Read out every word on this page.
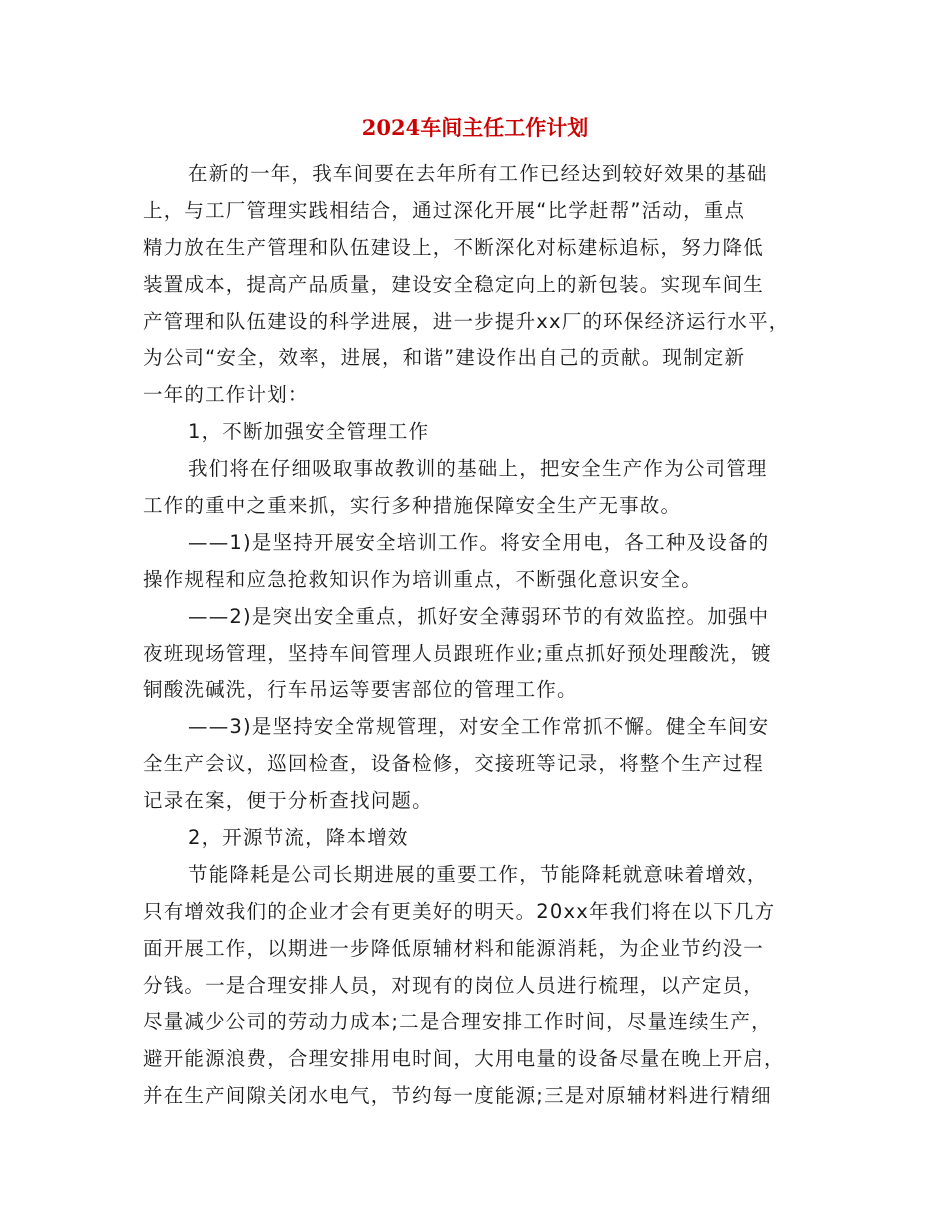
2024车间主任工作计划
在新的一年，我车间要在去年所有工作已经达到较好效果的基础
上，与工厂管理实践相结合，通过深化开展“比学赶帮”活动，重点
精力放在生产管理和队伍建设上，不断深化对标建标追标，努力降低
装置成本，提高产品质量，建设安全稳定向上的新包装。实现车间生
产管理和队伍建设的科学进展，进一步提升xx厂的环保经济运行水平，
为公司“安全，效率，进展，和谐”建设作出自己的贡献。现制定新
一年的工作计划：
1，不断加强安全管理工作
我们将在仔细吸取事故教训的基础上，把安全生产作为公司管理
工作的重中之重来抓，实行多种措施保障安全生产无事故。
——1)是坚持开展安全培训工作。将安全用电，各工种及设备的
操作规程和应急抢救知识作为培训重点，不断强化意识安全。
——2)是突出安全重点，抓好安全薄弱环节的有效监控。加强中
夜班现场管理，坚持车间管理人员跟班作业;重点抓好预处理酸洗，镀
铜酸洗碱洗，行车吊运等要害部位的管理工作。
——3)是坚持安全常规管理，对安全工作常抓不懈。健全车间安
全生产会议，巡回检查，设备检修，交接班等记录，将整个生产过程
记录在案，便于分析查找问题。
2，开源节流，降本增效
节能降耗是公司长期进展的重要工作，节能降耗就意味着增效，
只有增效我们的企业才会有更美好的明天。20xx年我们将在以下几方
面开展工作，以期进一步降低原辅材料和能源消耗，为企业节约没一
分钱。一是合理安排人员，对现有的岗位人员进行梳理，以产定员，
尽量减少公司的劳动力成本;二是合理安排工作时间，尽量连续生产，
避开能源浪费，合理安排用电时间，大用电量的设备尽量在晚上开启，
并在生产间隙关闭水电气，节约每一度能源;三是对原辅材料进行精细
